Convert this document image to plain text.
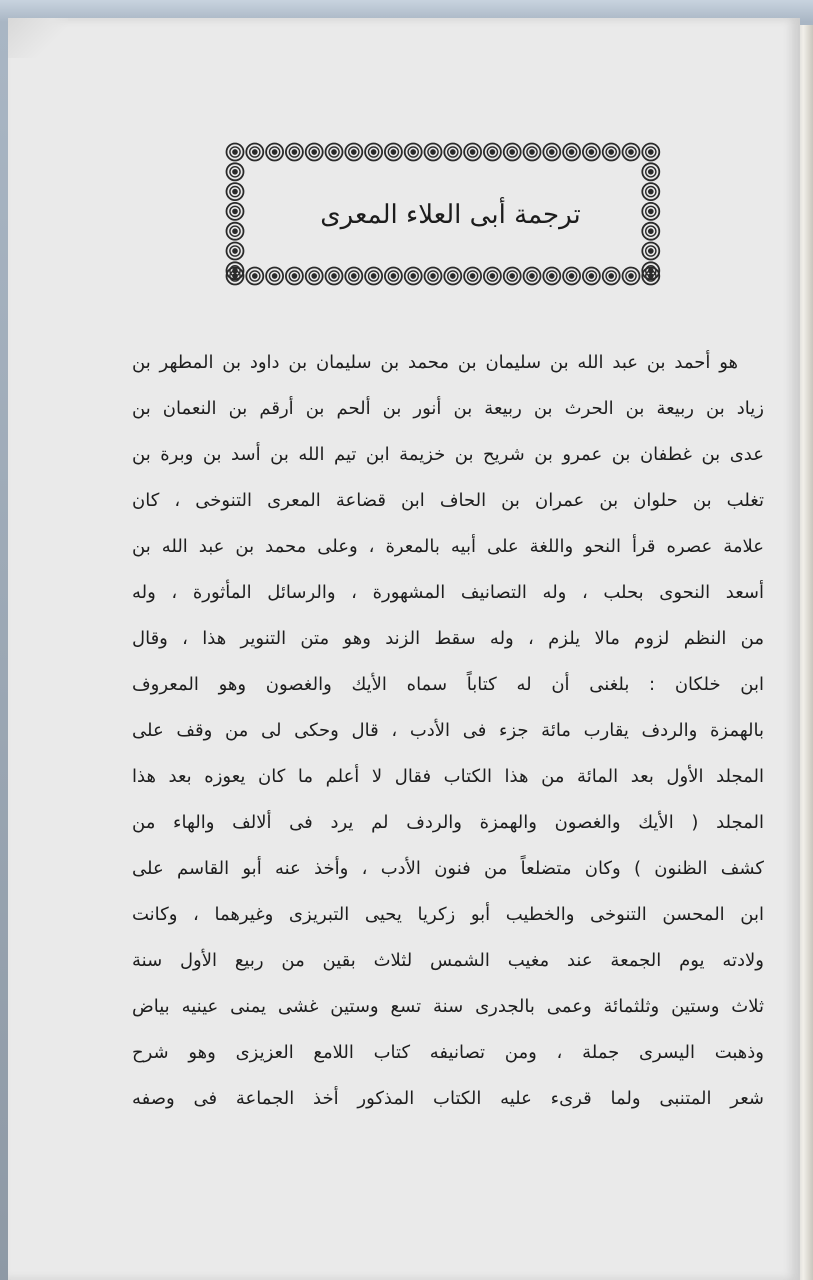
ترجمة أبى العلاء المعرى
هو أحمد بن عبد الله بن سليمان بن محمد بن سليمان بن داود بن المطهر بن
زياد بن ربيعة بن الحرث بن ربيعة بن أنور بن ألحم بن أرقم بن النعمان بن
عدى بن غطفان بن عمرو بن شريح بن خزيمة ابن تيم الله بن أسد بن وبرة بن
تغلب بن حلوان بن عمران بن الحاف ابن قضاعة المعرى التنوخى ، كان
علامة عصره قرأ النحو واللغة على أبيه بالمعرة ، وعلى محمد بن عبد الله بن
أسعد النحوى بحلب ، وله التصانيف المشهورة ، والرسائل المأثورة ، وله
من النظم لزوم مالا يلزم ، وله سقط الزند وهو متن التنوير هذا ، وقال
ابن خلكان : بلغنى أن له كتاباً سماه الأيك والغصون وهو المعروف
بالهمزة والردف يقارب مائة جزء فى الأدب ، قال وحكى لى من وقف على
المجلد الأول بعد المائة من هذا الكتاب فقال لا أعلم ما كان يعوزه بعد هذا
المجلد ( الأيك والغصون والهمزة والردف لم يرد فى ألالف والهاء من
كشف الظنون ) وكان متضلعاً من فنون الأدب ، وأخذ عنه أبو القاسم على
ابن المحسن التنوخى والخطيب أبو زكريا يحيى التبريزى وغيرهما ، وكانت
ولادته يوم الجمعة عند مغيب الشمس لثلاث بقين من ربيع الأول سنة
ثلاث وستين وثلثمائة وعمى بالجدرى سنة تسع وستين غشى يمنى عينيه بياض
وذهبت اليسرى جملة ، ومن تصانيفه كتاب اللامع العزيزى وهو شرح
شعر المتنبى ولما قرىء عليه الكتاب المذكور أخذ الجماعة فى وصفه
